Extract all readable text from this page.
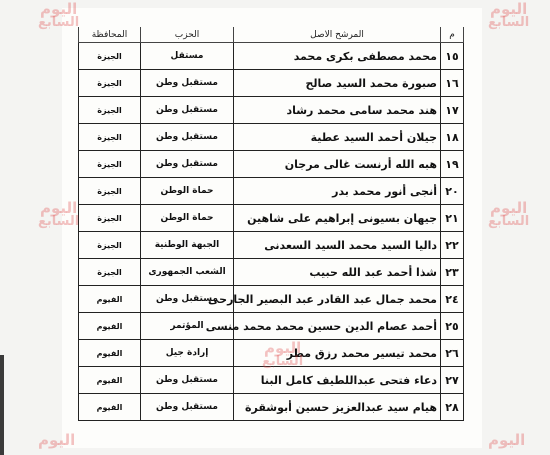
م	المرشح الاصل	الحزب	المحافظة
١٥	محمد مصطفى بكرى محمد	مستقل	الجيزة
١٦	صبورة محمد السيد صالح	مستقبل وطن	الجيزة
١٧	هند محمد سامى محمد رشاد	مستقبل وطن	الجيزة
١٨	جيلان أحمد السيد عطية	مستقبل وطن	الجيزة
١٩	هبه الله أرنست غالى مرجان	مستقبل وطن	الجيزة
٢٠	أنجى أنور محمد بدر	حماة الوطن	الجيزة
٢١	جيهان بسيونى إبراهيم على شاهين	حماة الوطن	الجيزة
٢٢	داليا السيد محمد السيد السعدنى	الجبهة الوطنية	الجيزة
٢٣	شذا أحمد عبد الله حبيب	الشعب الجمهورى	الجيزة
٢٤	محمد جمال عبد القادر عبد البصير الجارحى	مستقبل وطن	الفيوم
٢٥	أحمد عصام الدين حسين محمد محمد منسى	المؤتمر	الفيوم
٢٦	محمد تيسير محمد رزق مطر	إرادة جيل	الفيوم
٢٧	دعاء فتحى عبداللطيف كامل البنا	مستقبل وطن	الفيوم
٢٨	هيام سيد عبدالعزيز حسين أبوشقرة	مستقبل وطن	الفيوم
اليوم
السابع
اليوم
السابع
اليوم
السابع
اليوم
السابع
اليوم
السابع
اليوم	اليوم
